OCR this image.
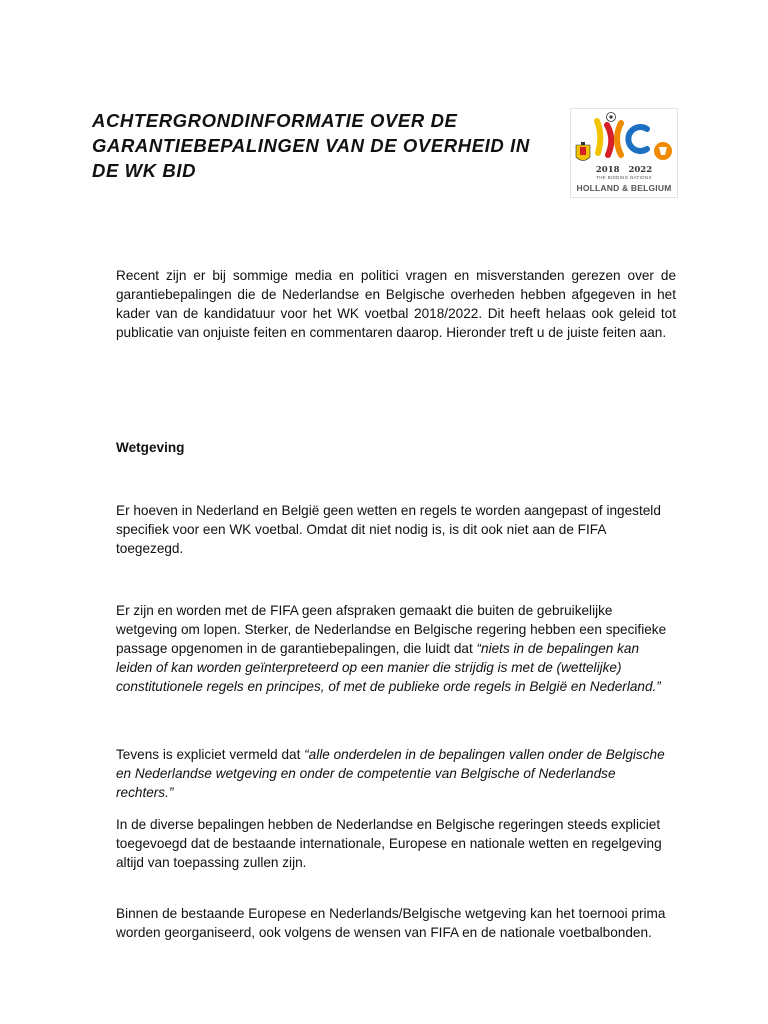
ACHTERGRONDINFORMATIE OVER DE GARANTIEBEPALINGEN VAN DE OVERHEID IN DE WK BID	2018 2022
THE BIDDING NATIONS
HOLLAND & BELGIUM

Recent zijn er bij sommige media en politici vragen en misverstanden gerezen over de garantiebepalingen die de Nederlandse en Belgische overheden hebben afgegeven in het kader van de kandidatuur voor het WK voetbal 2018/2022. Dit heeft helaas ook geleid tot publicatie van onjuiste feiten en commentaren daarop. Hieronder treft u de juiste feiten aan.

Wetgeving

Er hoeven in Nederland en België geen wetten en regels te worden aangepast of ingesteld specifiek voor een WK voetbal. Omdat dit niet nodig is, is dit ook niet aan de FIFA toegezegd.

Er zijn en worden met de FIFA geen afspraken gemaakt die buiten de gebruikelijke wetgeving om lopen. Sterker, de Nederlandse en Belgische regering hebben een specifieke passage opgenomen in de garantiebepalingen, die luidt dat “niets in de bepalingen kan leiden of kan worden geïnterpreteerd op een manier die strijdig is met de (wettelijke) constitutionele regels en principes, of met de publieke orde regels in België en Nederland.”

Tevens is expliciet vermeld dat “alle onderdelen in de bepalingen vallen onder de Belgische en Nederlandse wetgeving en onder de competentie van Belgische of Nederlandse rechters.”

In de diverse bepalingen hebben de Nederlandse en Belgische regeringen steeds expliciet toegevoegd dat de bestaande internationale, Europese en nationale wetten en regelgeving altijd van toepassing zullen zijn.

Binnen de bestaande Europese en Nederlands/Belgische wetgeving kan het toernooi prima worden georganiseerd, ook volgens de wensen van FIFA en de nationale voetbalbonden.
